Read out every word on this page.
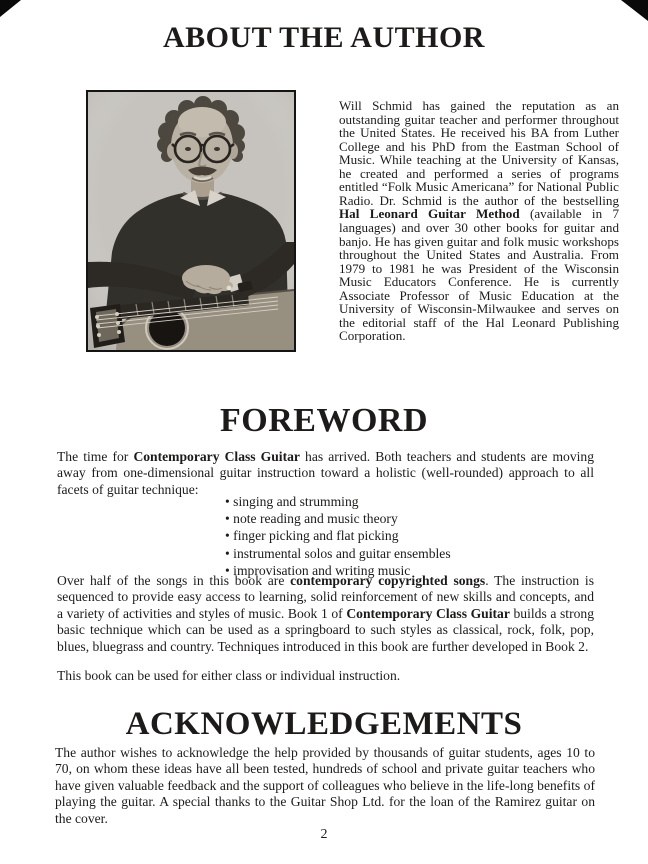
ABOUT THE AUTHOR

Will Schmid has gained the reputation as an outstanding guitar teacher and performer throughout the United States. He received his BA from Luther College and his PhD from the Eastman School of Music. While teaching at the University of Kansas, he created and performed a series of programs entitled “Folk Music Americana” for National Public Radio. Dr. Schmid is the author of the bestselling Hal Leonard Guitar Method (available in 7 languages) and over 30 other books for guitar and banjo. He has given guitar and folk music workshops throughout the United States and Australia. From 1979 to 1981 he was President of the Wisconsin Music Educators Conference. He is currently Associate Professor of Music Education at the University of Wisconsin-Milwaukee and serves on the editorial staff of the Hal Leonard Publishing Corporation.

FOREWORD

The time for Contemporary Class Guitar has arrived. Both teachers and students are moving away from one-dimensional guitar instruction toward a holistic (well-rounded) approach to all facets of guitar technique:

• singing and strumming
• note reading and music theory
• finger picking and flat picking
• instrumental solos and guitar ensembles
• improvisation and writing music

Over half of the songs in this book are contemporary copyrighted songs. The instruction is sequenced to provide easy access to learning, solid reinforcement of new skills and concepts, and a variety of activities and styles of music. Book 1 of Contemporary Class Guitar builds a strong basic technique which can be used as a springboard to such styles as classical, rock, folk, pop, blues, bluegrass and country. Techniques introduced in this book are further developed in Book 2.

This book can be used for either class or individual instruction.

ACKNOWLEDGEMENTS

The author wishes to acknowledge the help provided by thousands of guitar students, ages 10 to 70, on whom these ideas have all been tested, hundreds of school and private guitar teachers who have given valuable feedback and the support of colleagues who believe in the life-long benefits of playing the guitar. A special thanks to the Guitar Shop Ltd. for the loan of the Ramirez guitar on the cover.

2
